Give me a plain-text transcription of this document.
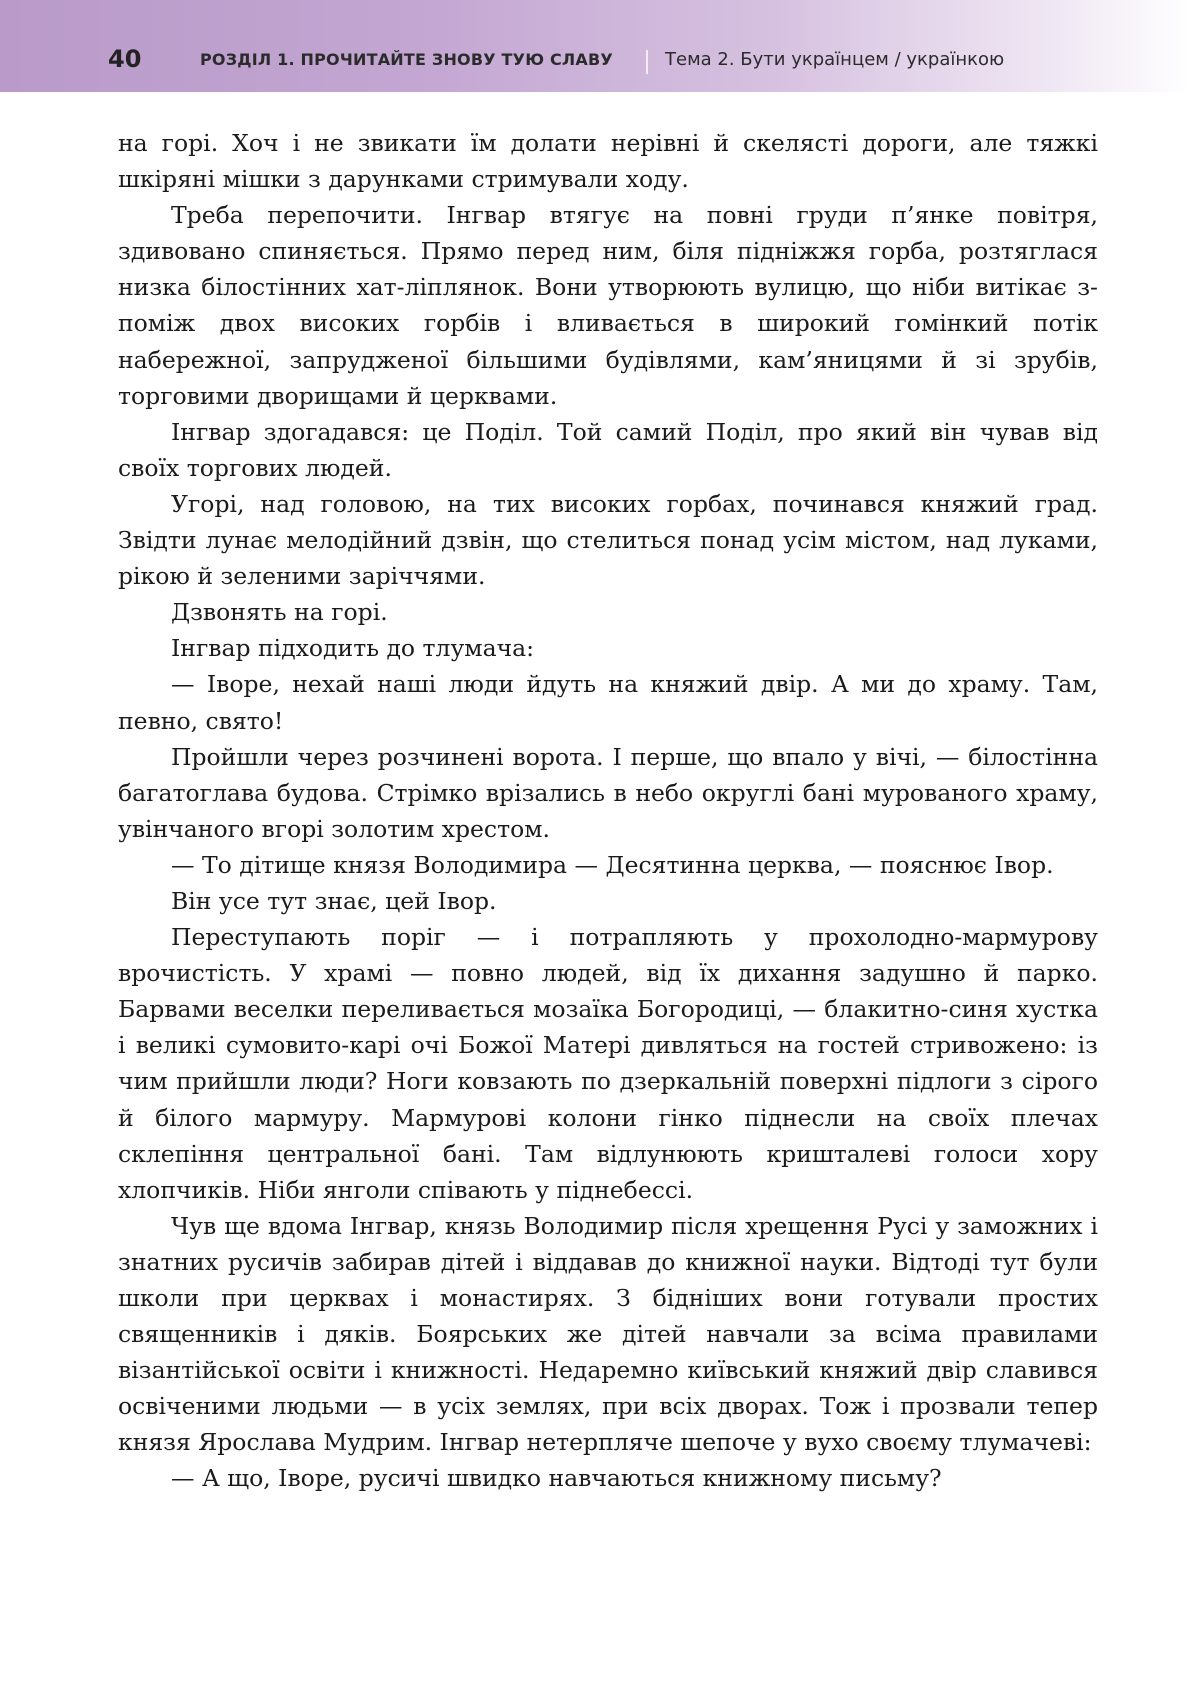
40	РОЗДІЛ 1. ПРОЧИТАЙТЕ ЗНОВУ ТУЮ СЛАВУ	Тема 2. Бути українцем / українкою

на горі. Хоч і не звикати їм долати нерівні й скелясті дороги, але тяжкі шкіряні мішки з дарунками стримували ходу.

Треба перепочити. Інгвар втягує на повні груди п’янке повітря, здивовано спиняється. Прямо перед ним, біля підніжжя горба, розтяглася низка білостінних хат-ліплянок. Вони утворюють вулицю, що ніби витікає з-поміж двох високих горбів і вливається в широкий гомінкий потік набережної, запрудженої більшими будівлями, кам’яницями й зі зрубів, торговими дворищами й церквами.

Інгвар здогадався: це Поділ. Той самий Поділ, про який він чував від своїх торгових людей.

Угорі, над головою, на тих високих горбах, починався княжий град. Звідти лунає мелодійний дзвін, що стелиться понад усім містом, над луками, рікою й зеленими заріччями.

Дзвонять на горі.

Інгвар підходить до тлумача:

— Іворе, нехай наші люди йдуть на княжий двір. А ми до храму. Там, певно, свято!

Пройшли через розчинені ворота. І перше, що впало у вічі, — білостінна багатоглава будова. Стрімко врізались в небо округлі бані мурованого храму, увінчаного вгорі золотим хрестом.

— То дітище князя Володимира — Десятинна церква, — пояснює Івор.

Він усе тут знає, цей Івор.

Переступають поріг — і потрапляють у прохолодно-мармурову врочистість. У храмі — повно людей, від їх дихання задушно й парко. Барвами веселки переливається мозаїка Богородиці, — блакитно-синя хустка і великі сумовито-карі очі Божої Матері дивляться на гостей стривожено: із чим прийшли люди? Ноги ковзають по дзеркальній поверхні підлоги з сірого й білого мармуру. Мармурові колони гінко піднесли на своїх плечах склепіння центральної бані. Там відлунюють кришталеві голоси хору хлопчиків. Ніби янголи співають у піднебессі.

Чув ще вдома Інгвар, князь Володимир після хрещення Русі у заможних і знатних русичів забирав дітей і віддавав до книжної науки. Відтоді тут були школи при церквах і монастирях. З бідніших вони готували простих священників і дяків. Боярських же дітей навчали за всіма правилами візантійської освіти і книжності. Недаремно київський княжий двір славився освіченими людьми — в усіх землях, при всіх дворах. Тож і прозвали тепер князя Ярослава Мудрим. Інгвар нетерпляче шепоче у вухо своєму тлумачеві:

— А що, Іворе, русичі швидко навчаються книжному письму?
